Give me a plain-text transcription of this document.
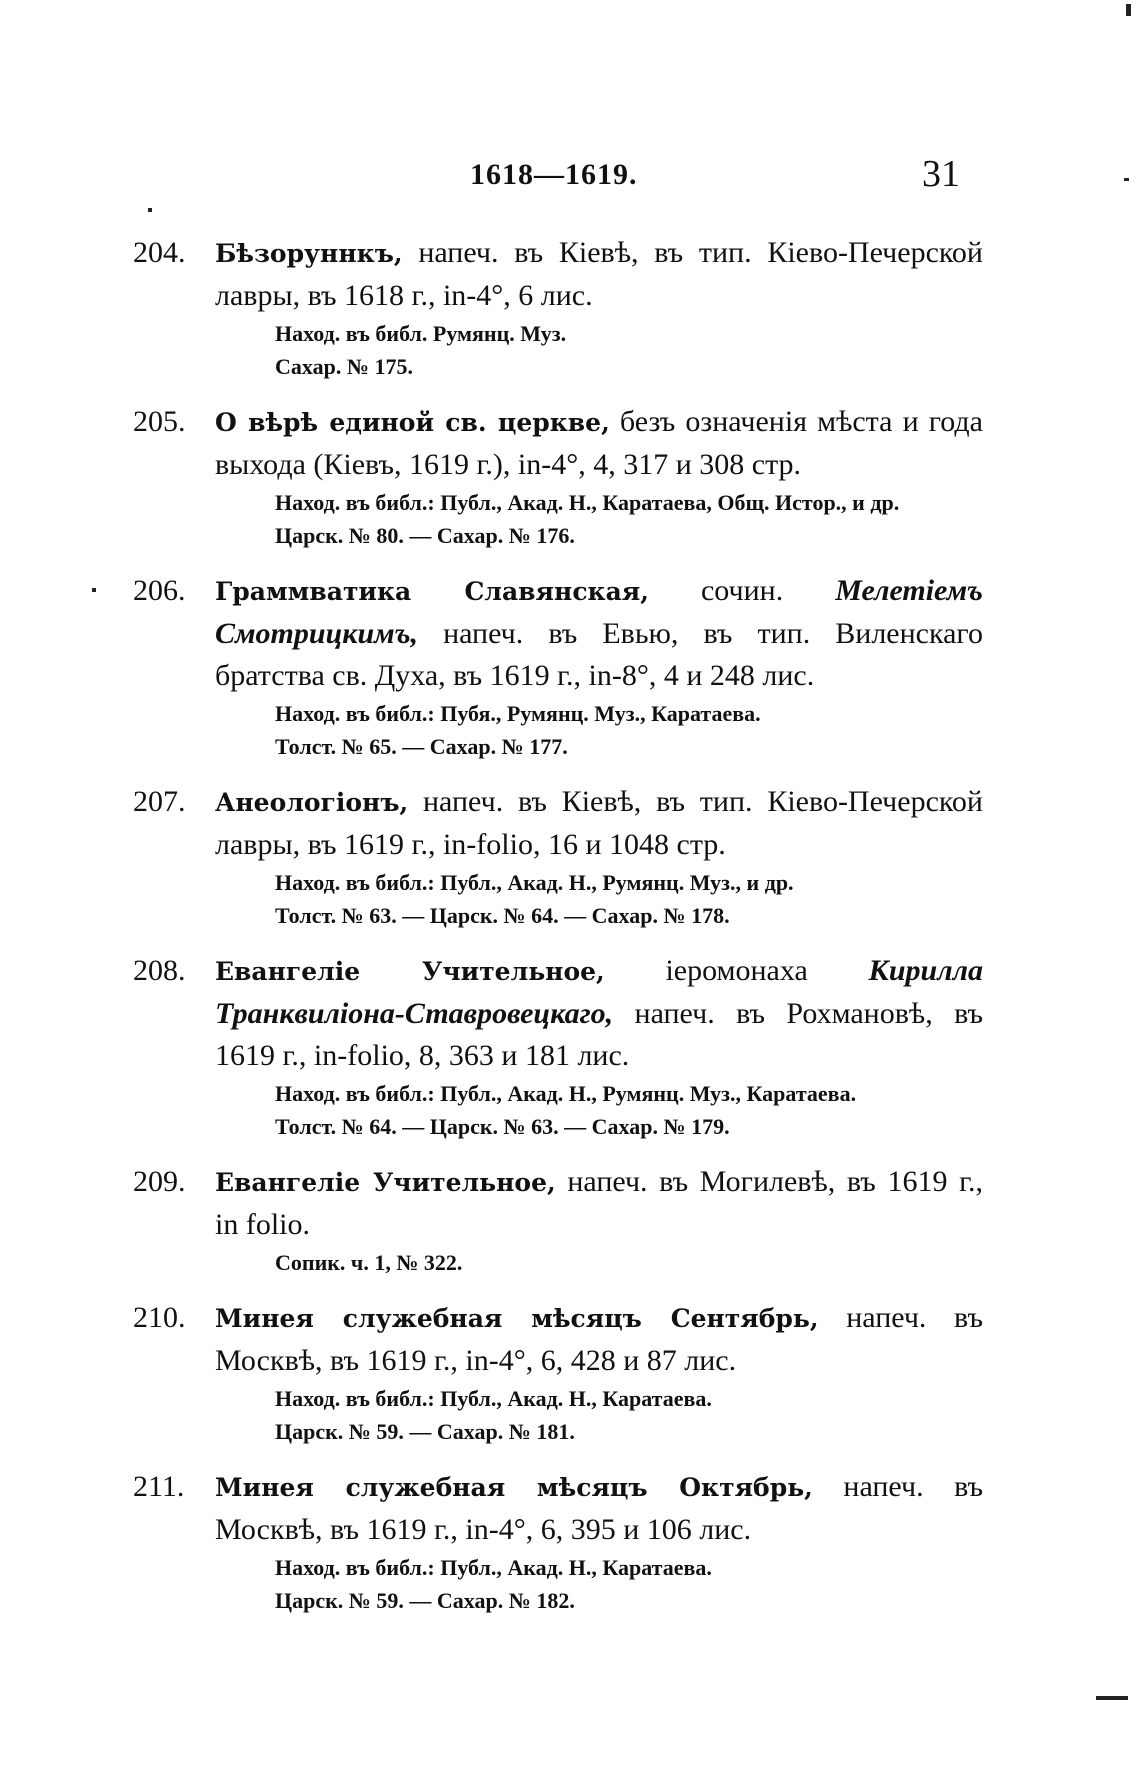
1618—1619.	31
204.	Бѣзоруннкъ, напеч. въ Кіевѣ, въ тип. Кіево-Печерской лавры, въ 1618 г., in-4°, 6 лис.
Наход. въ библ. Румянц. Муз.
Сахар. № 175.
205.	О вѣрѣ единой св. церкве, безъ означенія мѣста и года выхода (Кіевъ, 1619 г.), in-4°, 4, 317 и 308 стр.
Наход. въ библ.: Публ., Акад. Н., Каратаева, Общ. Истор., и др.
Царск. № 80. — Сахар. № 176.
206.	Граммватика Славянская, сочин. Мелетіемъ Смотрицкимъ, напеч. въ Евью, въ тип. Виленскаго братства св. Духа, въ 1619 г., in-8°, 4 и 248 лис.
Наход. въ библ.: Пубя., Румянц. Муз., Каратаева.
Толст. № 65. — Сахар. № 177.
207.	Анеологіонъ, напеч. въ Кіевѣ, въ тип. Кіево-Печерской лавры, въ 1619 г., in-folio, 16 и 1048 стр.
Наход. въ библ.: Публ., Акад. Н., Румянц. Муз., и др.
Толст. № 63. — Царск. № 64. — Сахар. № 178.
208.	Евангеліе Учительное, іеромонаха Кирилла Транквиліона-Ставровецкаго, напеч. въ Рохмановѣ, въ 1619 г., in-folio, 8, 363 и 181 лис.
Наход. въ библ.: Публ., Акад. Н., Румянц. Муз., Каратаева.
Толст. № 64. — Царск. № 63. — Сахар. № 179.
209.	Евангеліе Учительное, напеч. въ Могилевѣ, въ 1619 г., in folio.
Сопик. ч. 1, № 322.
210.	Минея служебная мѣсяцъ Сентябрь, напеч. въ Москвѣ, въ 1619 г., in-4°, 6, 428 и 87 лис.
Наход. въ библ.: Публ., Акад. Н., Каратаева.
Царск. № 59. — Сахар. № 181.
211.	Минея служебная мѣсяцъ Октябрь, напеч. въ Москвѣ, въ 1619 г., in-4°, 6, 395 и 106 лис.
Наход. въ библ.: Публ., Акад. Н., Каратаева.
Царск. № 59. — Сахар. № 182.
